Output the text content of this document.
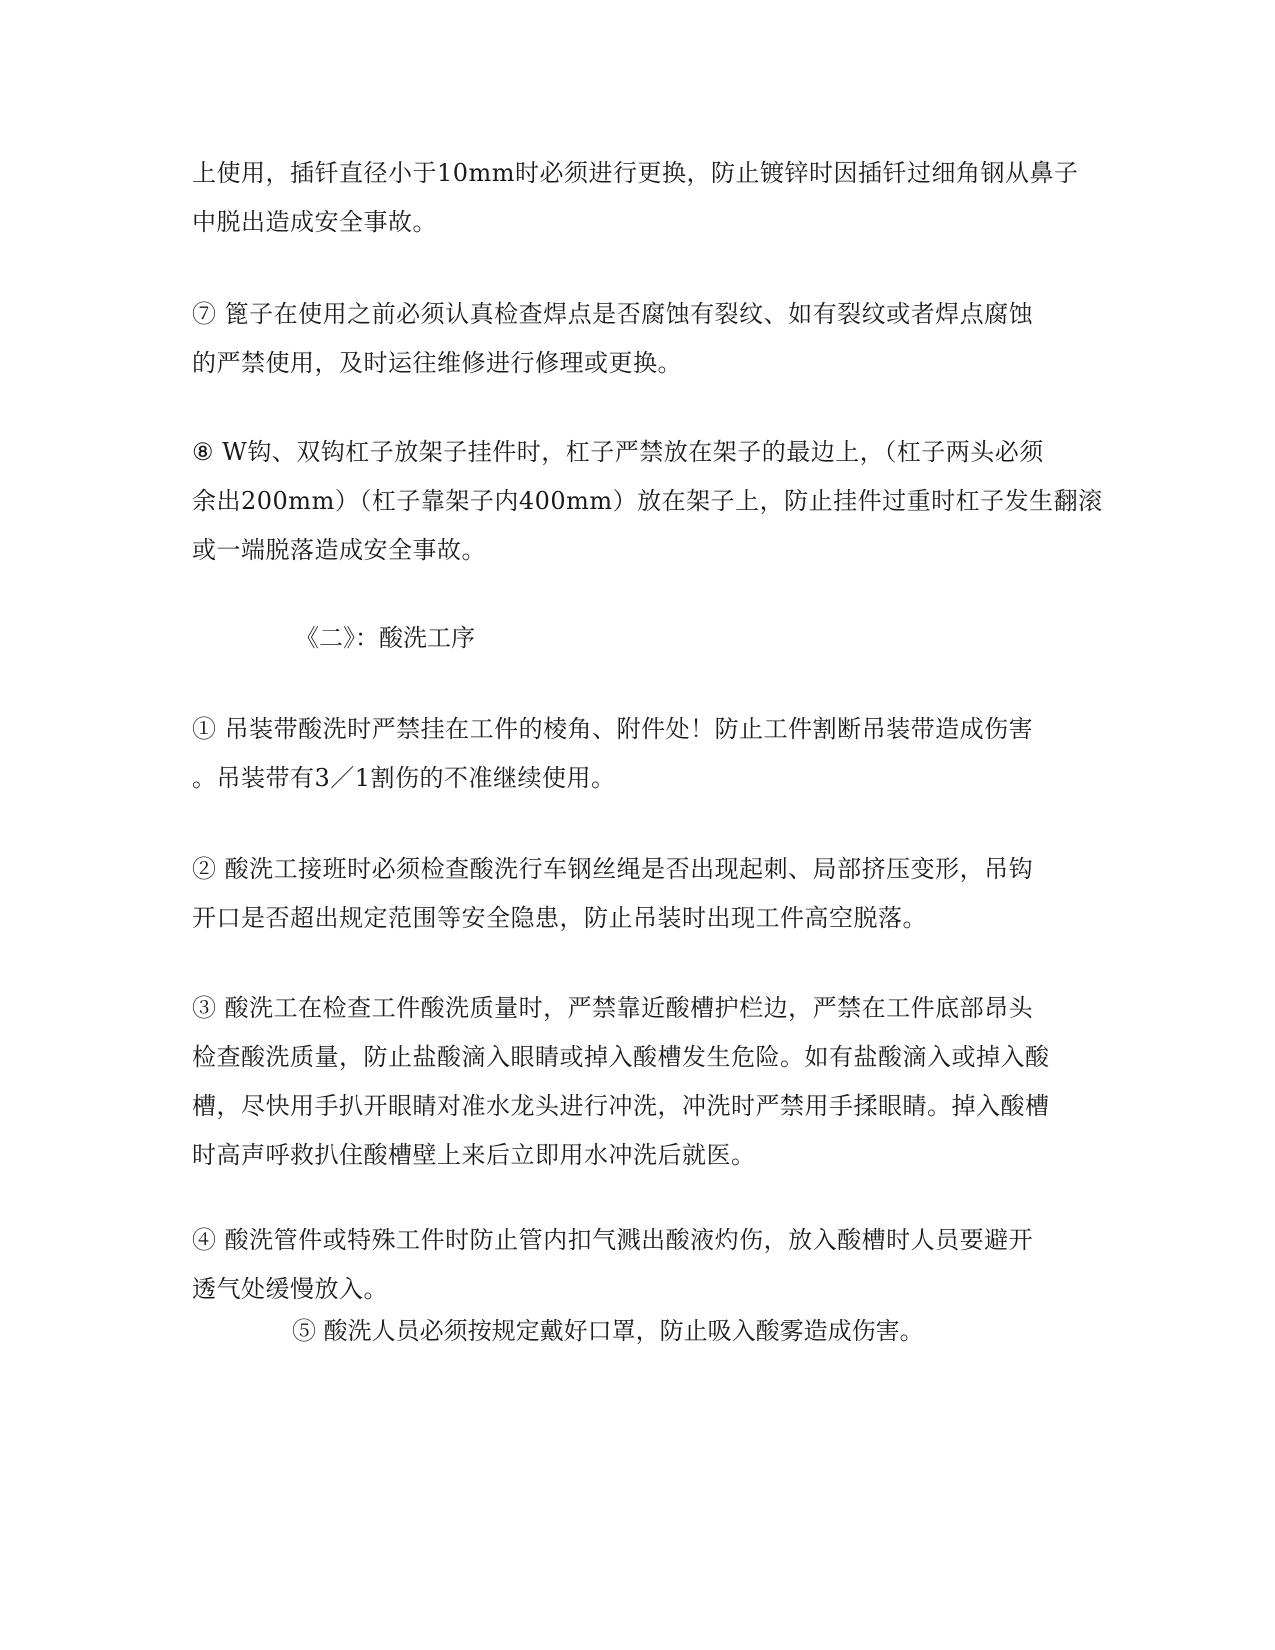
上使用，插钎直径小于10mm时必须进行更换，防止镀锌时因插钎过细角钢从鼻子
中脱出造成安全事故。

⑦ 篦子在使用之前必须认真检查焊点是否腐蚀有裂纹、如有裂纹或者焊点腐蚀
的严禁使用，及时运往维修进行修理或更换。

⑧ W钩、双钩杠子放架子挂件时，杠子严禁放在架子的最边上，（杠子两头必须
余出200mm）（杠子靠架子内400mm）放在架子上，防止挂件过重时杠子发生翻滚
或一端脱落造成安全事故。

《二》：酸洗工序

① 吊装带酸洗时严禁挂在工件的棱角、附件处！防止工件割断吊装带造成伤害
。吊装带有3／1割伤的不准继续使用。

② 酸洗工接班时必须检查酸洗行车钢丝绳是否出现起刺、局部挤压变形，吊钩
开口是否超出规定范围等安全隐患，防止吊装时出现工件高空脱落。

③ 酸洗工在检查工件酸洗质量时，严禁靠近酸槽护栏边，严禁在工件底部昂头
检查酸洗质量，防止盐酸滴入眼睛或掉入酸槽发生危险。如有盐酸滴入或掉入酸
槽，尽快用手扒开眼睛对准水龙头进行冲洗，冲洗时严禁用手揉眼睛。掉入酸槽
时高声呼救扒住酸槽壁上来后立即用水冲洗后就医。

④ 酸洗管件或特殊工件时防止管内扣气溅出酸液灼伤，放入酸槽时人员要避开
透气处缓慢放入。

⑤ 酸洗人员必须按规定戴好口罩，防止吸入酸雾造成伤害。
